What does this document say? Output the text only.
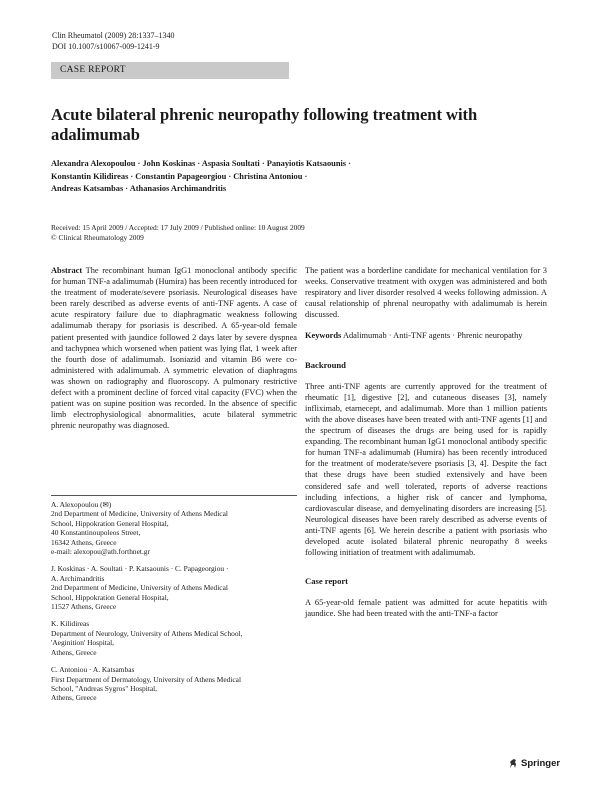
Clin Rheumatol (2009) 28:1337–1340
DOI 10.1007/s10067-009-1241-9
CASE REPORT
Acute bilateral phrenic neuropathy following treatment with adalimumab
Alexandra Alexopoulou · John Koskinas · Aspasia Soultati · Panayiotis Katsaounis ·
Konstantin Kilidireas · Constantin Papageorgiou · Christina Antoniou ·
Andreas Katsambas · Athanasios Archimandritis
Received: 15 April 2009 / Accepted: 17 July 2009 / Published online: 10 August 2009
© Clinical Rheumatology 2009

Abstract The recombinant human IgG1 monoclonal antibody specific for human TNF-a adalimumab (Humira) has been recently introduced for the treatment of moderate/severe psoriasis. Neurological diseases have been rarely described as adverse events of anti-TNF agents. A case of acute respiratory failure due to diaphragmatic weakness following adalimumab therapy for psoriasis is described. A 65-year-old female patient presented with jaundice followed 2 days later by severe dyspnea and tachypnea which worsened when patient was lying flat, 1 week after the fourth dose of adalimumab. Isoniazid and vitamin B6 were co-administered with adalimumab. A symmetric elevation of diaphragms was shown on radiography and fluoroscopy. A pulmonary restrictive defect with a prominent decline of forced vital capacity (FVC) when the patient was on supine position was recorded. In the absence of specific limb electrophysiological abnormalities, acute bilateral symmetric phrenic neuropathy was diagnosed.

A. Alexopoulou (✉)
2nd Department of Medicine, University of Athens Medical
School, Hippokration General Hospital,
40 Konstantinoupoleos Street,
16342 Athens, Greece
e-mail: alexopou@ath.forthnet.gr
J. Koskinas · A. Soultati · P. Katsaounis · C. Papageorgiou ·
A. Archimandritis
2nd Department of Medicine, University of Athens Medical
School, Hippokration General Hospital,
11527 Athens, Greece
K. Kilidireas
Department of Neurology, University of Athens Medical School,
'Aeginition' Hospital,
Athens, Greece
C. Antoniou · A. Katsambas
First Department of Dermatology, University of Athens Medical
School, "Andreas Sygros" Hospital,
Athens, Greece

The patient was a borderline candidate for mechanical ventilation for 3 weeks. Conservative treatment with oxygen was administered and both respiratory and liver disorder resolved 4 weeks following admission. A causal relationship of phrenal neuropathy with adalimumab is herein discussed.

Keywords Adalimumab · Anti-TNF agents · Phrenic neuropathy

Backround

Three anti-TNF agents are currently approved for the treatment of rheumatic [1], digestive [2], and cutaneous diseases [3], namely infliximab, etarnecept, and adalimumab. More than 1 million patients with the above diseases have been treated with anti-TNF agents [1] and the spectrum of diseases the drugs are being used for is rapidly expanding. The recombinant human IgG1 monoclonal antibody specific for human TNF-a adalimumab (Humira) has been recently introduced for the treatment of moderate/severe psoriasis [3, 4]. Despite the fact that these drugs have been studied extensively and have been considered safe and well tolerated, reports of adverse reactions including infections, a higher risk of cancer and lymphoma, cardiovascular disease, and demyelinating disorders are increasing [5]. Neurological diseases have been rarely described as adverse events of anti-TNF agents [6]. We herein describe a patient with psoriasis who developed acute isolated bilateral phrenic neuropathy 8 weeks following initiation of treatment with adalimumab.

Case report

A 65-year-old female patient was admitted for acute hepatitis with jaundice. She had been treated with the anti-TNF-a factor

Springer
